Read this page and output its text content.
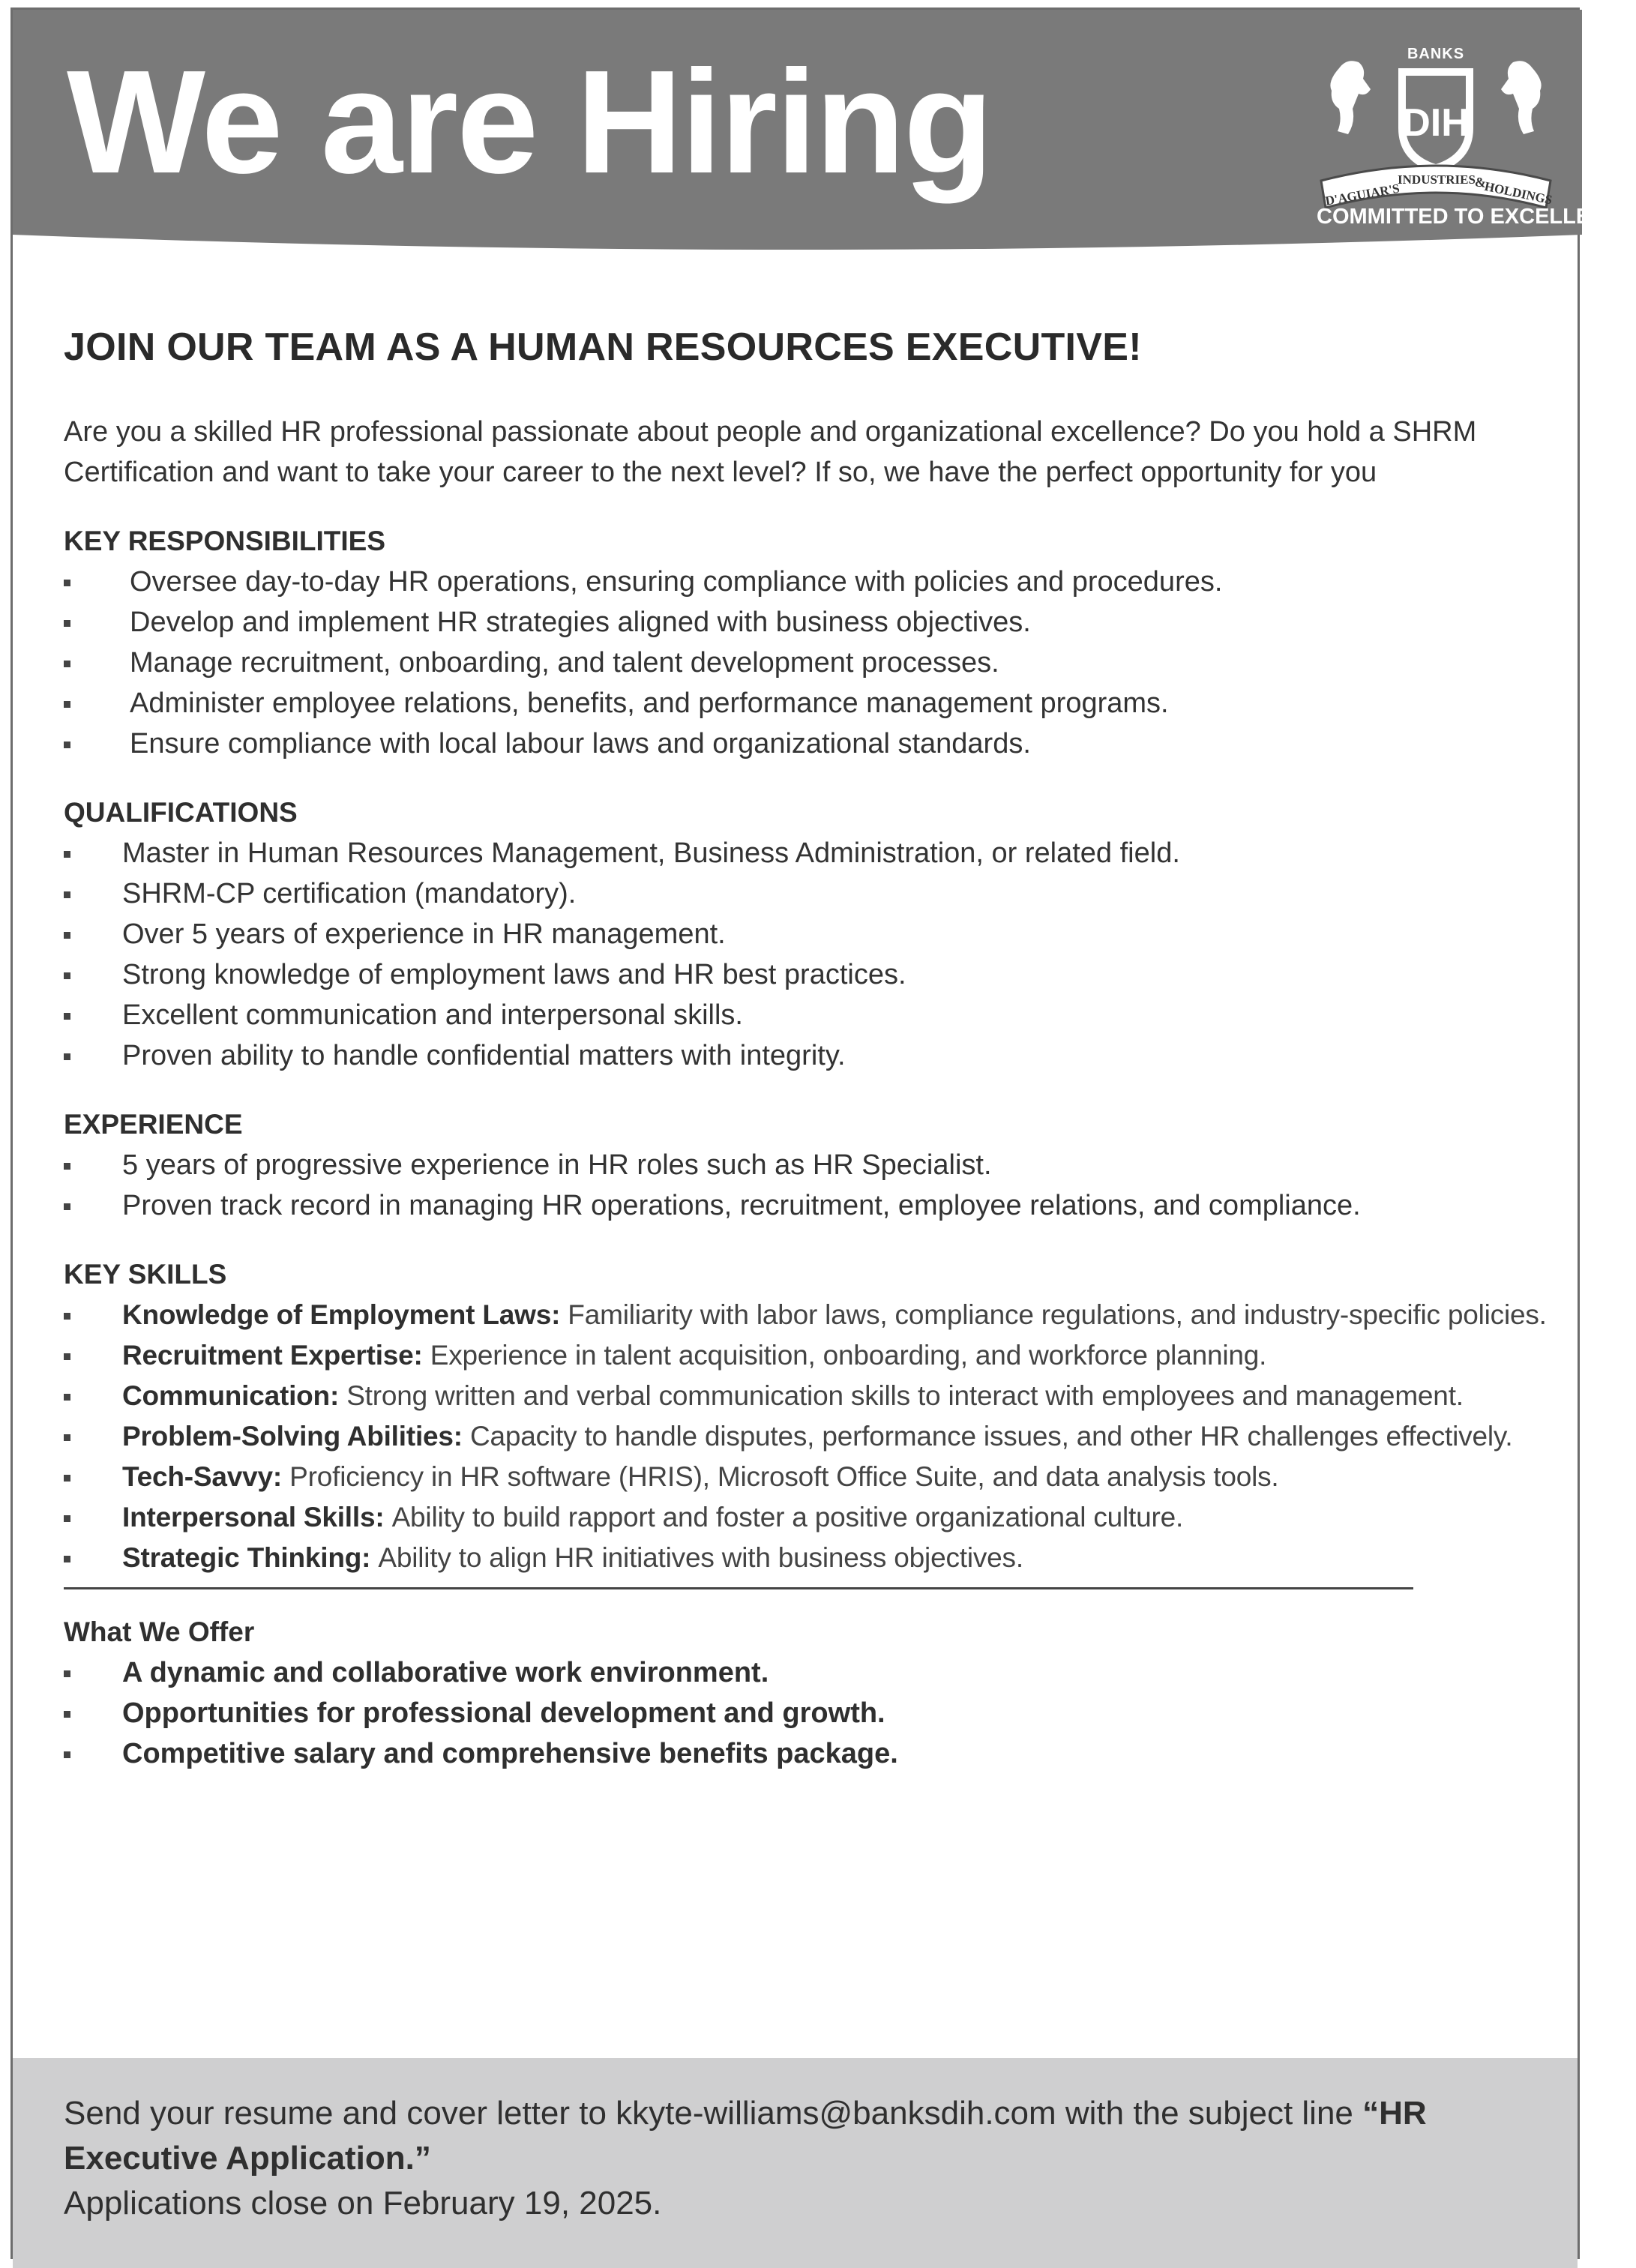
We are Hiring	DIH
D'AGUIAR'S
INDUSTRIES
&
HOLDINGS
BANKS
COMMITTED TO EXCELLENCE
JOIN OUR TEAM AS A HUMAN RESOURCES EXECUTIVE!

Are you a skilled HR professional passionate about people and organizational excellence? Do you hold a SHRM Certification and want to take your career to the next level? If so, we have the perfect opportunity for you

KEY RESPONSIBILITIES
Oversee day-to-day HR operations, ensuring compliance with policies and procedures.
Develop and implement HR strategies aligned with business objectives.
Manage recruitment, onboarding, and talent development processes.
Administer employee relations, benefits, and performance management programs.
Ensure compliance with local labour laws and organizational standards.
QUALIFICATIONS
Master in Human Resources Management, Business Administration, or related field.
SHRM-CP certification (mandatory).
Over 5 years of experience in HR management.
Strong knowledge of employment laws and HR best practices.
Excellent communication and interpersonal skills.
Proven ability to handle confidential matters with integrity.
EXPERIENCE
5 years of progressive experience in HR roles such as HR Specialist.
Proven track record in managing HR operations, recruitment, employee relations, and compliance.
KEY SKILLS
Knowledge of Employment Laws: Familiarity with labor laws, compliance regulations, and industry-specific policies.
Recruitment Expertise: Experience in talent acquisition, onboarding, and workforce planning.
Communication: Strong written and verbal communication skills to interact with employees and management.
Problem-Solving Abilities: Capacity to handle disputes, performance issues, and other HR challenges effectively.
Tech-Savvy: Proficiency in HR software (HRIS), Microsoft Office Suite, and data analysis tools.
Interpersonal Skills: Ability to build rapport and foster a positive organizational culture.
Strategic Thinking: Ability to align HR initiatives with business objectives.
What We Offer
A dynamic and collaborative work environment.
Opportunities for professional development and growth.
Competitive salary and comprehensive benefits package.
Send your resume and cover letter to kkyte-williams@banksdih.com with the subject line “HR Executive Application.”
Applications close on February 19, 2025.
